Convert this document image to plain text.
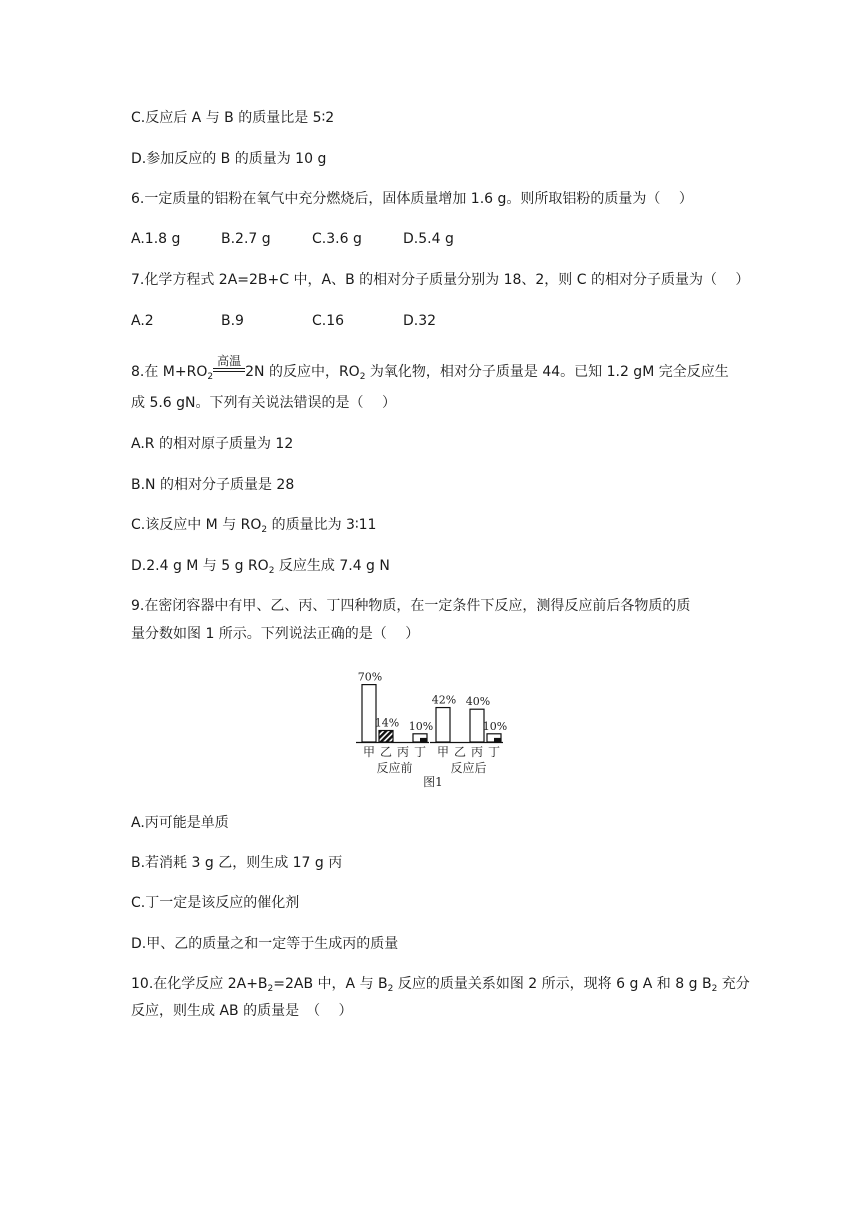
C.反应后 A 与 B 的质量比是 5∶2
D.参加反应的 B 的质量为 10 g
6.一定质量的铝粉在氧气中充分燃烧后，固体质量增加 1.6 g。则所取铝粉的质量为（　 ）
A.1.8 g	B.2.7 g	C.3.6 g	D.5.4 g
7.化学方程式 2A=2B+C 中，A、B 的相对分子质量分别为 18、2，则 C 的相对分子质量为（　 ）
A.2	B.9	C.16	D.32
8.在 $M+RO_2$
高温
2N 的反应中，$RO_2$ 为氧化物，相对分子质量是 44。已知 1.2 gM 完全反应生
成 5.6 gN。下列有关说法错误的是（　 ）
A.R 的相对原子质量为 12
B.N 的相对分子质量是 28
C.该反应中 M 与 $RO_2$ 的质量比为 3∶11
D.2.4 g M 与 5 g $RO_2$ 反应生成 7.4 g N
9.在密闭容器中有甲、乙、丙、丁四种物质，在一定条件下反应，测得反应前后各物质的质
量分数如图 1 所示。下列说法正确的是（　 ）
70%
甲
14%
乙 丙
10%
丁
反应前
42%
甲 乙
40%
丙
10%
丁
反应后
图1
A.丙可能是单质
B.若消耗 3 g 乙，则生成 17 g 丙
C.丁一定是该反应的催化剂
D.甲、乙的质量之和一定等于生成丙的质量
10.在化学反应 $2A+B_2=2AB$ 中，A 与 $B_2$ 反应的质量关系如图 2 所示，现将 6 g A 和 8 g $B_2$ 充分
反应，则生成 AB 的质量是　（　 ）
